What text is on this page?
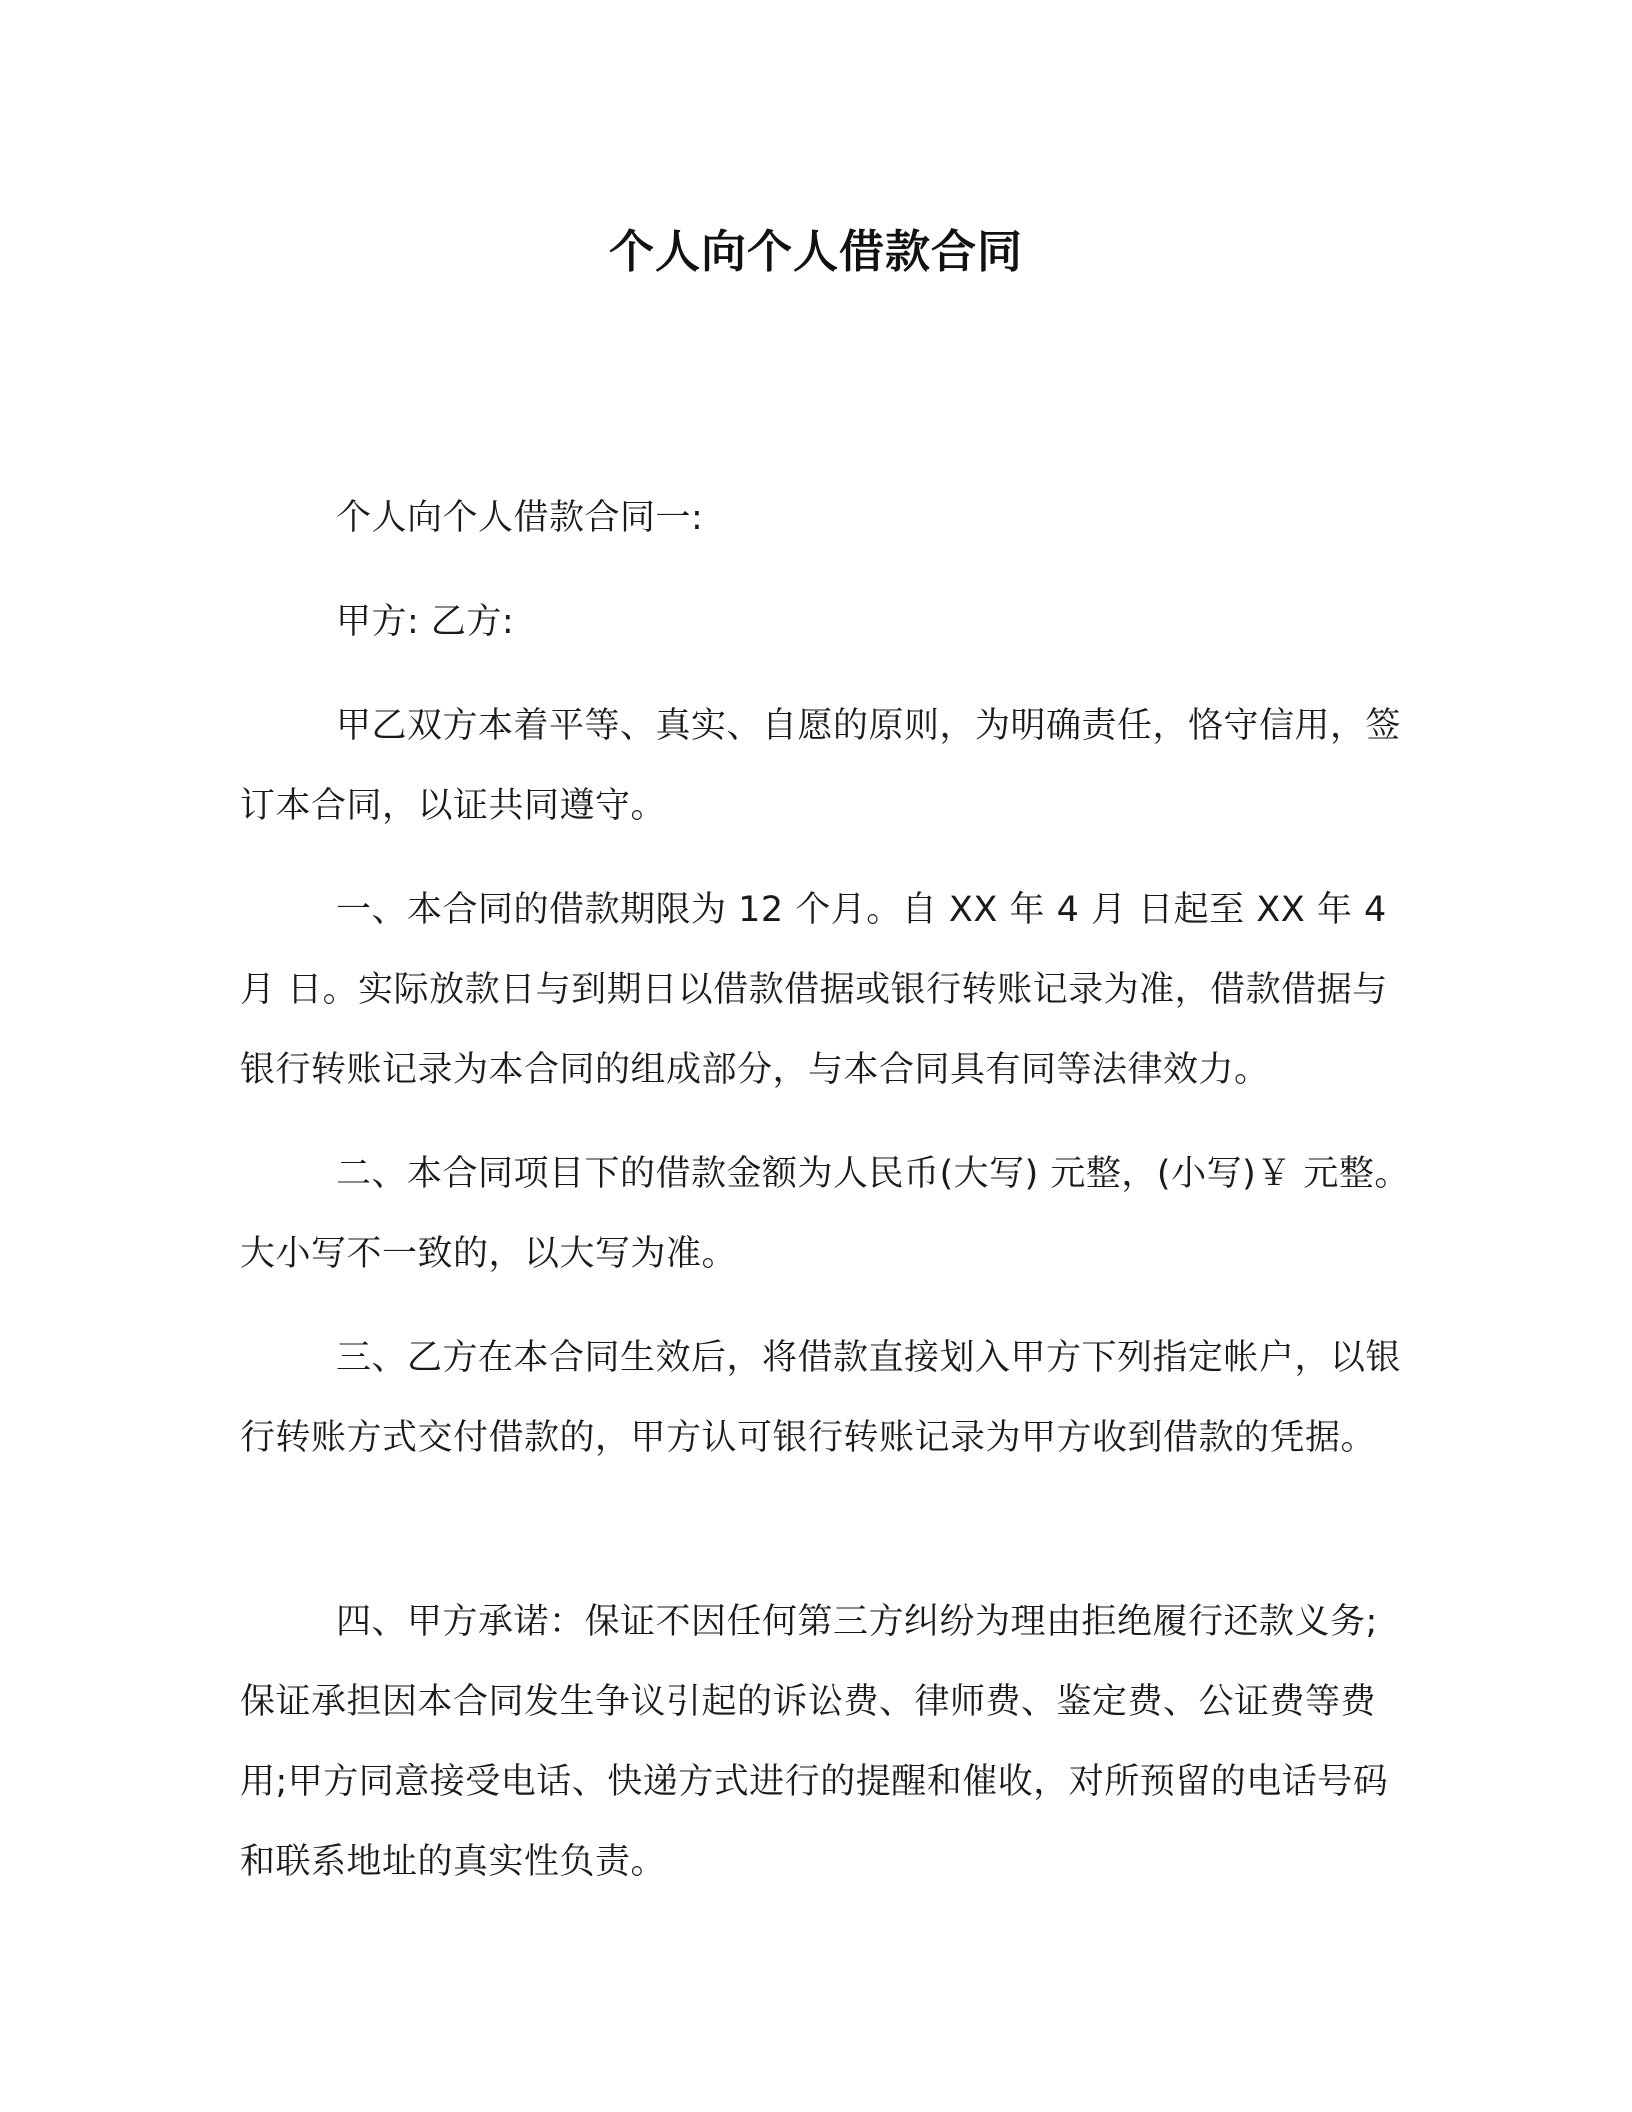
个人向个人借款合同

个人向个人借款合同一:

甲方: 乙方:

甲乙双方本着平等、真实、自愿的原则，为明确责任，恪守信用，签订本合同，以证共同遵守。

一、本合同的借款期限为 12 个月。自 XX 年 4 月 日起至 XX 年 4 月 日。实际放款日与到期日以借款借据或银行转账记录为准，借款借据与银行转账记录为本合同的组成部分，与本合同具有同等法律效力。

二、本合同项目下的借款金额为人民币(大写) 元整，(小写)￥ 元整。大小写不一致的，以大写为准。

三、乙方在本合同生效后，将借款直接划入甲方下列指定帐户，以银行转账方式交付借款的，甲方认可银行转账记录为甲方收到借款的凭据。

四、甲方承诺：保证不因任何第三方纠纷为理由拒绝履行还款义务;保证承担因本合同发生争议引起的诉讼费、律师费、鉴定费、公证费等费用;甲方同意接受电话、快递方式进行的提醒和催收，对所预留的电话号码和联系地址的真实性负责。
